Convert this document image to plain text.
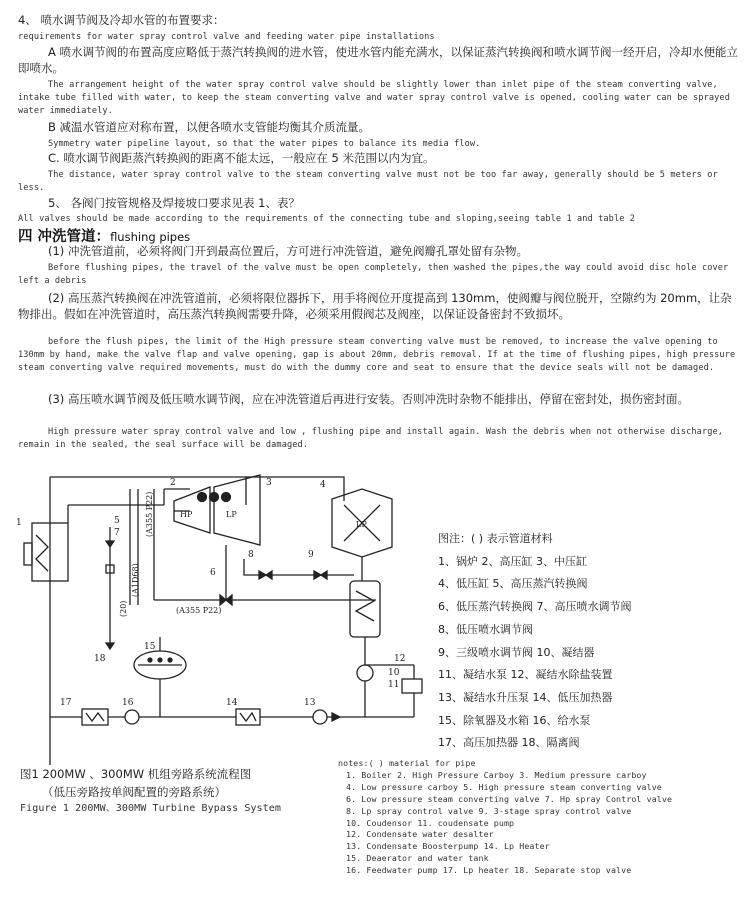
4、 喷水调节阀及冷却水管的布置要求：

requirements for water spray control valve and feeding water pipe installations

A 喷水调节阀的布置高度应略低于蒸汽转换阀的进水管，使进水管内能充满水，以保证蒸汽转换阀和喷水调节阀一经开启，冷却水便能立即喷水。

The arrangement height of the water spray control valve should be slightly lower than inlet pipe of the steam converting valve, intake tube filled with water, to keep the steam converting valve and water spray control valve is opened, cooling water can be sprayed water immediately.

B 减温水管道应对称布置，以便各喷水支管能均衡其介质流量。

Symmetry water pipeline layout, so that the water pipes to balance its media flow.

C. 喷水调节阀距蒸汽转换阀的距离不能太远，一般应在 5 米范围以内为宜。

The distance, water spray control valve to the steam converting valve must not be too far away, generally should be 5 meters or less.

5、 各阀门按管规格及焊接坡口要求见表 1、表？

All valves should be made according to the requirements of the connecting tube and sloping,seeing table 1 and table 2

四 冲洗管道：flushing pipes

(1) 冲洗管道前，必须将阀门开到最高位置后，方可进行冲洗管道，避免阀瓣孔罩处留有杂物。

Before flushing pipes, the travel of the valve must be open completely, then washed the pipes,the way could avoid disc hole cover left a debris

(2) 高压蒸汽转换阀在冲洗管道前，必须将限位器拆下，用手将阀位开度提高到 130mm，使阀瓣与阀位脱开，空隙约为 20mm，让杂物排出。假如在冲洗管道时，高压蒸汽转换阀需要升降，必须采用假阀芯及阀座，以保证设备密封不致损坏。

before the flush pipes, the limit of the High pressure steam converting valve must be removed, to increase the valve opening to 130mm by hand, make the valve flap and valve opening, gap is about 20mm, debris removal. If at the time of flushing pipes, high pressure steam converting valve required movements, must do with the dummy core and seat to ensure that the device seals will not be damaged.

(3) 高压喷水调节阀及低压喷水调节阀，应在冲洗管道后再进行安装。否则冲洗时杂物不能排出，停留在密封处，损伤密封面。

High pressure water spray control valve and low , flushing pipe and install again. Wash the debris when not otherwise discharge, remain in the sealed, the seal surface will be damaged.

1
2	3	4
5
6
7
8	9
10
11
12
13
14
15
16
17
18
HP	LP
LP
(A355 P22)
(A355 P22)
(A1D68)
(20)
图注：( ) 表示管道材料
1、锅炉 2、高压缸 3、中压缸
4、低压缸 5、高压蒸汽转换阀
6、低压蒸汽转换阀 7、高压喷水调节阀
8、低压喷水调节阀
9、三级喷水调节阀 10、凝结器
11、凝结水泵 12、凝结水除盐装置
13、凝结水升压泵 14、低压加热器
15、除氧器及水箱 16、给水泵
17、高压加热器 18、隔离阀
图1 200MW 、300MW 机组旁路系统流程图
（低压旁路按单阀配置的旁路系统）
Figure 1 200MW、300MW Turbine Bypass System
notes:( ) material for pipe
1. Boiler 2. High Pressure Carboy 3. Medium pressure carboy
4. Low pressure carboy 5. High pressure steam converting valve
6. Low pressure steam converting valve 7. Hp spray Control valve
8. Lp spray control valve 9. 3-stage spray control valve
10. Coudensor 11. coudensate pump
12. Condensate water desalter
13. Condensate Boosterpump 14. Lp Heater
15. Deaerator and water tank
16. Feedwater pump 17. Lp heater 18. Separate stop valve
